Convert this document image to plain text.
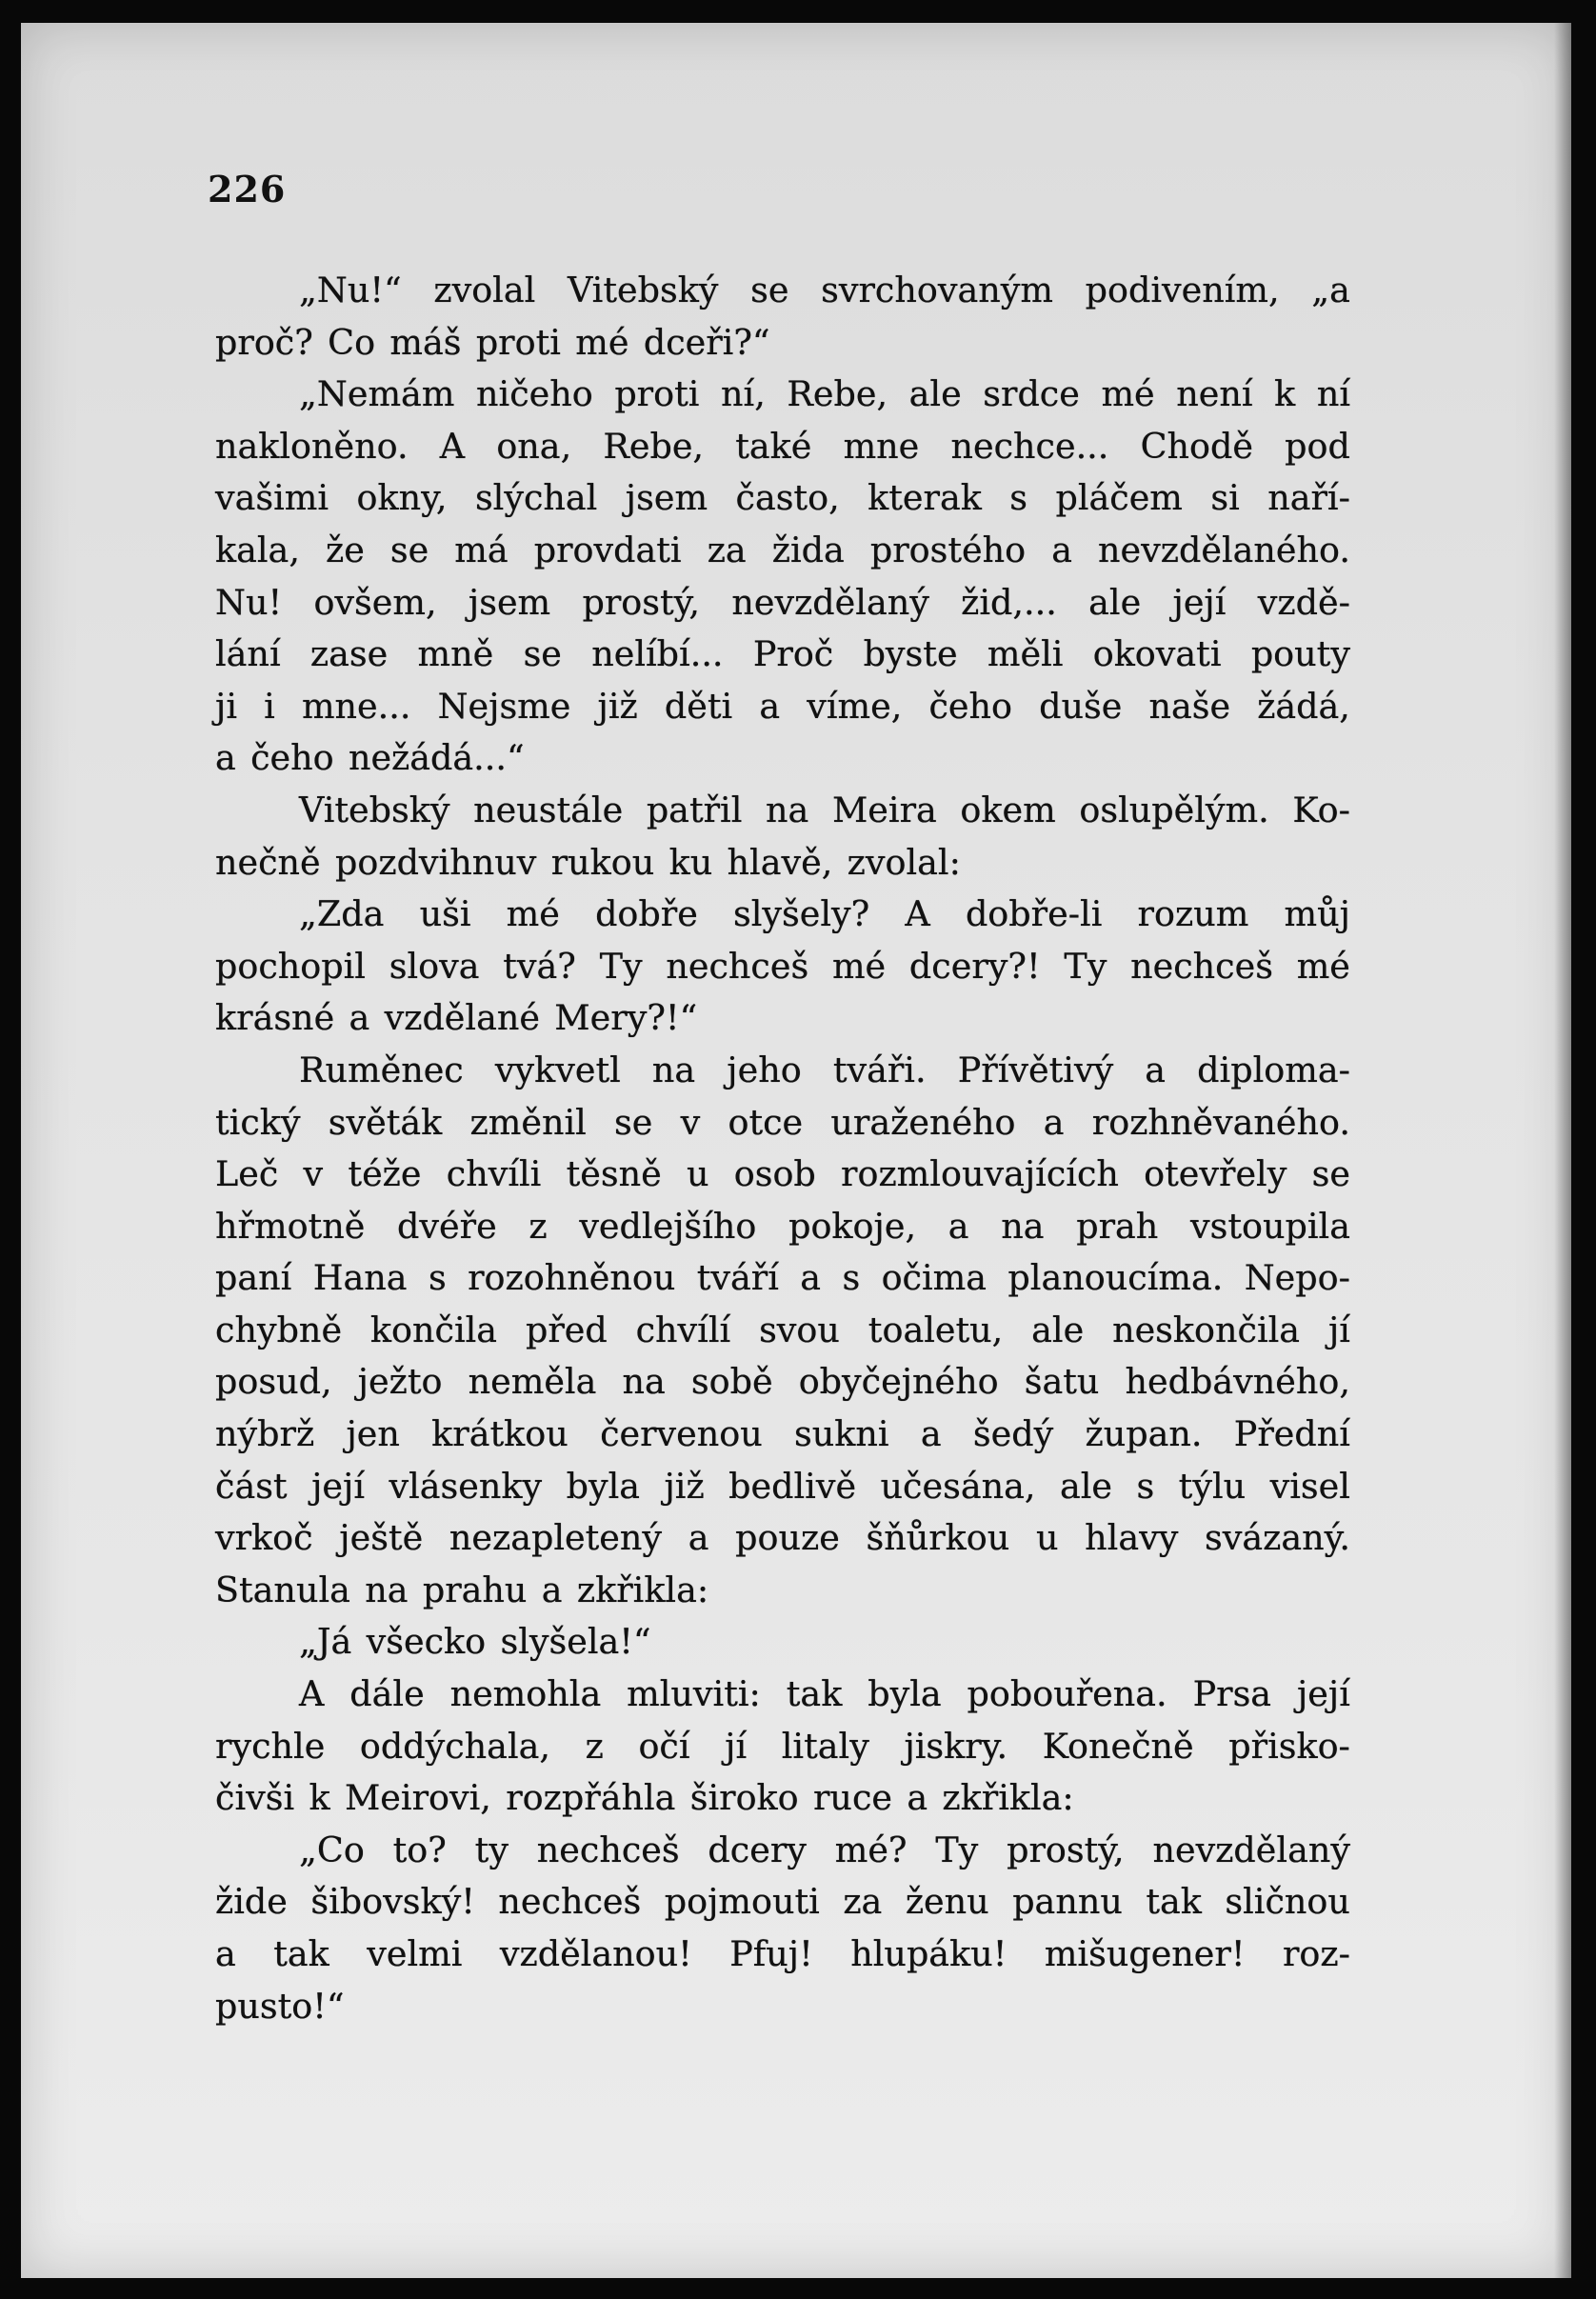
226
„Nu!“ zvolal Vitebský se svrchovaným podivením, „a
proč? Co máš proti mé dceři?“
„Nemám ničeho proti ní, Rebe, ale srdce mé není k ní
nakloněno. A ona, Rebe, také mne nechce... Chodě pod
vašimi okny, slýchal jsem často, kterak s pláčem si naří-
kala, že se má provdati za žida prostého a nevzdělaného.
Nu! ovšem, jsem prostý, nevzdělaný žid,... ale její vzdě-
lání zase mně se nelíbí... Proč byste měli okovati pouty
ji i mne... Nejsme již děti a víme, čeho duše naše žádá,
a čeho nežádá...“
Vitebský neustále patřil na Meira okem oslupělým. Ko-
nečně pozdvihnuv rukou ku hlavě, zvolal:
„Zda uši mé dobře slyšely? A dobře-li rozum můj
pochopil slova tvá? Ty nechceš mé dcery?! Ty nechceš mé
krásné a vzdělané Mery?!“
Ruměnec vykvetl na jeho tváři. Přívětivý a diploma-
tický světák změnil se v otce uraženého a rozhněvaného.
Leč v téže chvíli těsně u osob rozmlouvajících otevřely se
hřmotně dvéře z vedlejšího pokoje, a na prah vstoupila
paní Hana s rozohněnou tváří a s očima planoucíma. Nepo-
chybně končila před chvílí svou toaletu, ale neskončila jí
posud, ježto neměla na sobě obyčejného šatu hedbávného,
nýbrž jen krátkou červenou sukni a šedý župan. Přední
část její vlásenky byla již bedlivě učesána, ale s týlu visel
vrkoč ještě nezapletený a pouze šňůrkou u hlavy svázaný.
Stanula na prahu a zkřikla:
„Já všecko slyšela!“
A dále nemohla mluviti: tak byla pobouřena. Prsa její
rychle oddýchala, z očí jí litaly jiskry. Konečně přisko-
čivši k Meirovi, rozpřáhla široko ruce a zkřikla:
„Co to? ty nechceš dcery mé? Ty prostý, nevzdělaný
žide šibovský! nechceš pojmouti za ženu pannu tak sličnou
a tak velmi vzdělanou! Pfuj! hlupáku! mišugener! roz-
pusto!“
